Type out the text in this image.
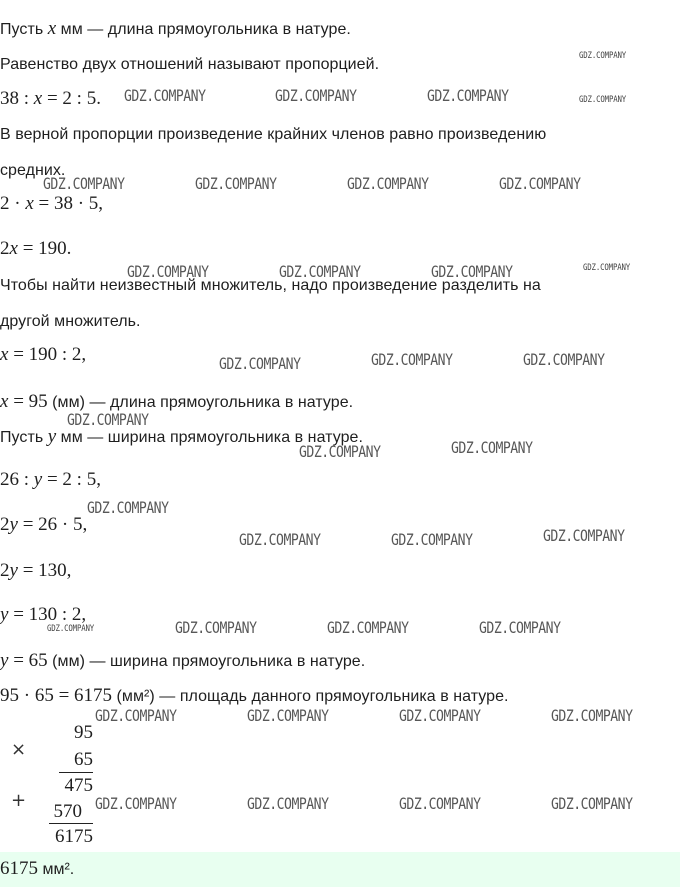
Пусть x мм — длина прямоугольника в натуре.
Равенство двух отношений называют пропорцией.
38 : x = 2 : 5.
В верной пропорции произведение крайних членов равно произведению
средних.
2 · x = 38 · 5,
2x = 190.
Чтобы найти неизвестный множитель, надо произведение разделить на
другой множитель.
x = 190 : 2,
x = 95 (мм) — длина прямоугольника в натуре.
Пусть y мм — ширина прямоугольника в натуре.
26 : y = 2 : 5,
2y = 26 · 5,
2y = 130,
y = 130 : 2,
y = 65 (мм) — ширина прямоугольника в натуре.
95 · 65 = 6175 (мм²) — площадь данного прямоугольника в натуре.
×
95
65
475
+
570
6175
6175 мм².
GDZ.COMPANY
GDZ.COMPANY	GDZ.COMPANY	GDZ.COMPANY	GDZ.COMPANY
GDZ.COMPANY	GDZ.COMPANY	GDZ.COMPANY	GDZ.COMPANY
GDZ.COMPANY	GDZ.COMPANY	GDZ.COMPANY	GDZ.COMPANY
GDZ.COMPANY	GDZ.COMPANY	GDZ.COMPANY
GDZ.COMPANY
GDZ.COMPANY	GDZ.COMPANY
GDZ.COMPANY
GDZ.COMPANY	GDZ.COMPANY	GDZ.COMPANY
GDZ.COMPANY	GDZ.COMPANY	GDZ.COMPANY	GDZ.COMPANY
GDZ.COMPANY	GDZ.COMPANY	GDZ.COMPANY	GDZ.COMPANY
GDZ.COMPANY	GDZ.COMPANY	GDZ.COMPANY	GDZ.COMPANY
